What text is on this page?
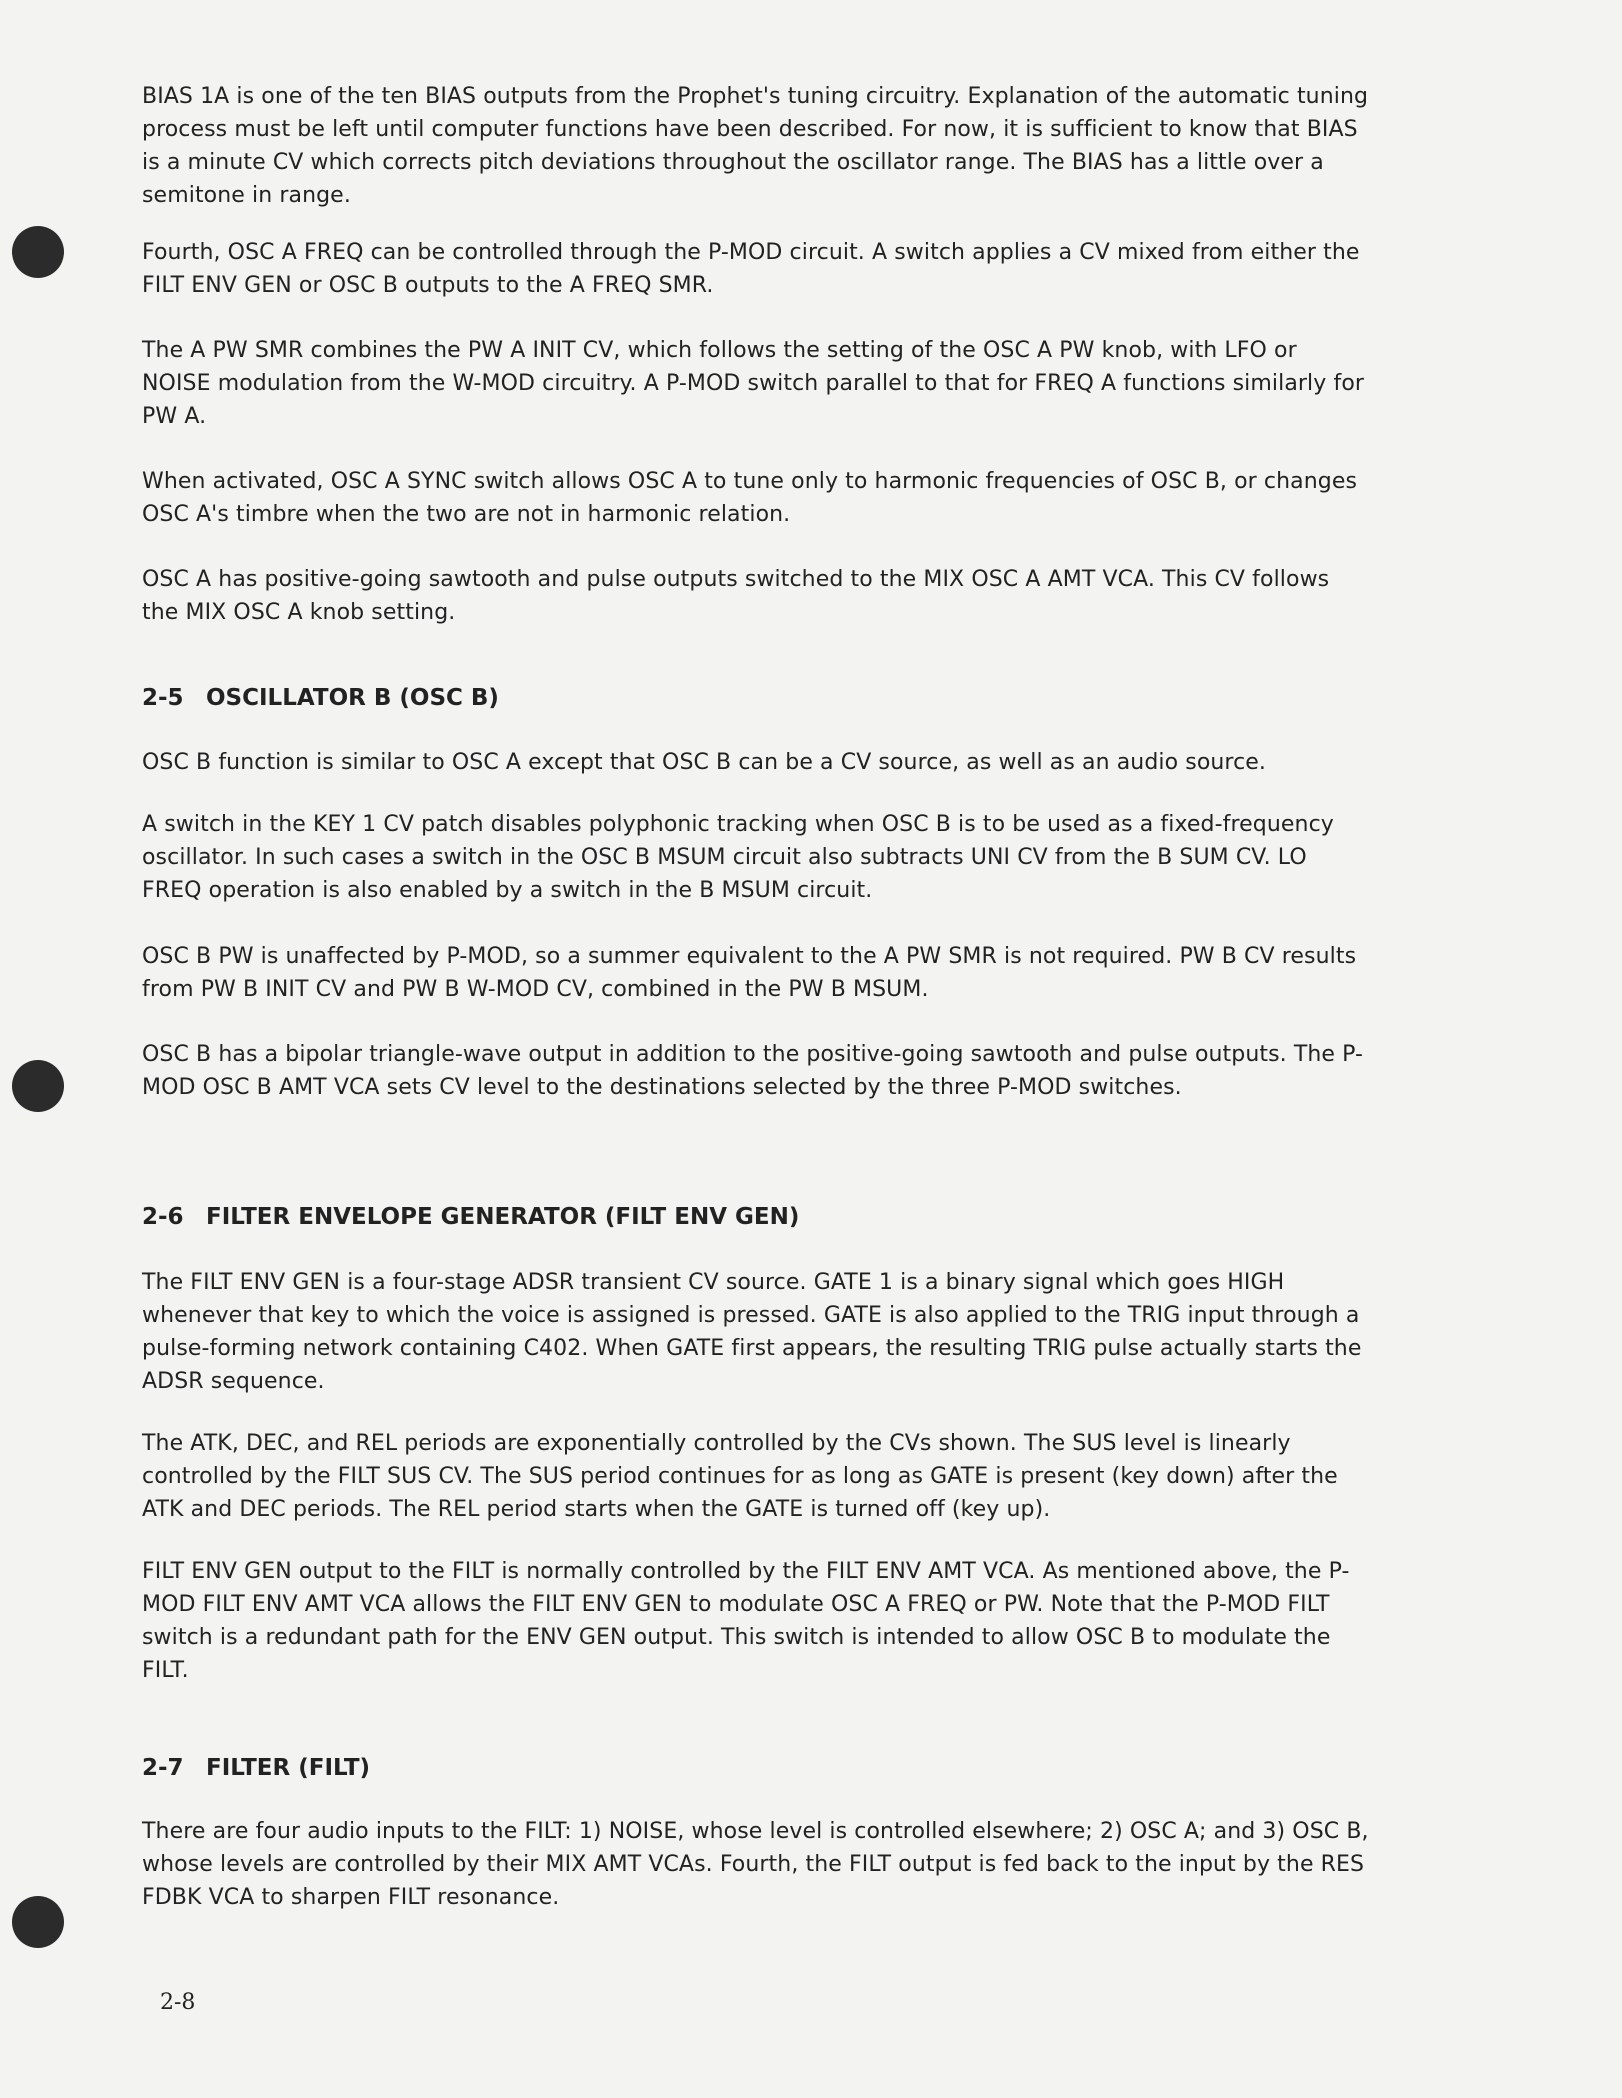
BIAS 1A is one of the ten BIAS outputs from the Prophet's tuning circuitry. Explanation of the automatic tuning process must be left until computer functions have been described. For now, it is sufficient to know that BIAS is a minute CV which corrects pitch deviations throughout the oscillator range. The BIAS has a little over a semitone in range.

Fourth, OSC A FREQ can be controlled through the P-MOD circuit. A switch applies a CV mixed from either the FILT ENV GEN or OSC B outputs to the A FREQ SMR.

The A PW SMR combines the PW A INIT CV, which follows the setting of the OSC A PW knob, with LFO or NOISE modulation from the W-MOD circuitry. A P-MOD switch parallel to that for FREQ A functions similarly for PW A.

When activated, OSC A SYNC switch allows OSC A to tune only to harmonic frequencies of OSC B, or changes OSC A's timbre when the two are not in harmonic relation.

OSC A has positive-going sawtooth and pulse outputs switched to the MIX OSC A AMT VCA. This CV follows the MIX OSC A knob setting.

2-5 OSCILLATOR B (OSC B)

OSC B function is similar to OSC A except that OSC B can be a CV source, as well as an audio source.

A switch in the KEY 1 CV patch disables polyphonic tracking when OSC B is to be used as a fixed-frequency oscillator. In such cases a switch in the OSC B MSUM circuit also subtracts UNI CV from the B SUM CV. LO FREQ operation is also enabled by a switch in the B MSUM circuit.

OSC B PW is unaffected by P-MOD, so a summer equivalent to the A PW SMR is not required. PW B CV results from PW B INIT CV and PW B W-MOD CV, combined in the PW B MSUM.

OSC B has a bipolar triangle-wave output in addition to the positive-going sawtooth and pulse outputs. The P-MOD OSC B AMT VCA sets CV level to the destinations selected by the three P-MOD switches.

2-6 FILTER ENVELOPE GENERATOR (FILT ENV GEN)

The FILT ENV GEN is a four-stage ADSR transient CV source. GATE 1 is a binary signal which goes HIGH whenever that key to which the voice is assigned is pressed. GATE is also applied to the TRIG input through a pulse-forming network containing C402. When GATE first appears, the resulting TRIG pulse actually starts the ADSR sequence.

The ATK, DEC, and REL periods are exponentially controlled by the CVs shown. The SUS level is linearly controlled by the FILT SUS CV. The SUS period continues for as long as GATE is present (key down) after the ATK and DEC periods. The REL period starts when the GATE is turned off (key up).

FILT ENV GEN output to the FILT is normally controlled by the FILT ENV AMT VCA. As mentioned above, the P-MOD FILT ENV AMT VCA allows the FILT ENV GEN to modulate OSC A FREQ or PW. Note that the P-MOD FILT switch is a redundant path for the ENV GEN output. This switch is intended to allow OSC B to modulate the FILT.

2-7 FILTER (FILT)

There are four audio inputs to the FILT: 1) NOISE, whose level is controlled elsewhere; 2) OSC A; and 3) OSC B, whose levels are controlled by their MIX AMT VCAs. Fourth, the FILT output is fed back to the input by the RES FDBK VCA to sharpen FILT resonance.

2-8
